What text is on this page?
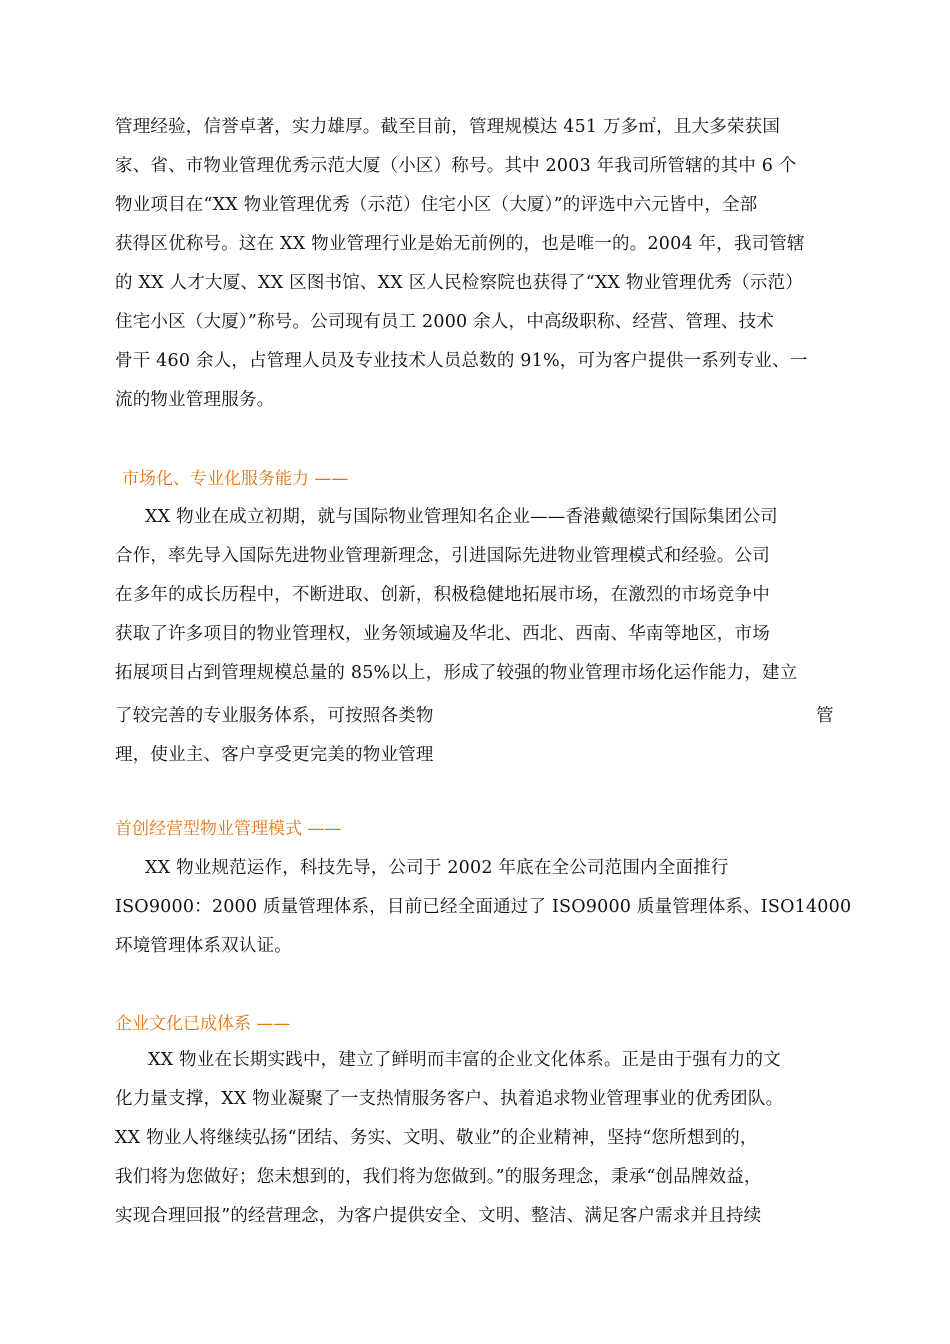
管理经验，信誉卓著，实力雄厚。截至目前，管理规模达 451 万多㎡，且大多荣获国
家、省、市物业管理优秀示范大厦（小区）称号。其中 2003 年我司所管辖的其中 6 个
物业项目在“XX 物业管理优秀（示范）住宅小区（大厦）”的评选中六元皆中，全部
获得区优称号。这在 XX 物业管理行业是始无前例的，也是唯一的。2004 年，我司管辖
的 XX 人才大厦、XX 区图书馆、XX 区人民检察院也获得了“XX 物业管理优秀（示范）
住宅小区（大厦）”称号。公司现有员工 2000 余人，中高级职称、经营、管理、技术
骨干 460 余人，占管理人员及专业技术人员总数的 91%，可为客户提供一系列专业、一
流的物业管理服务。
市场化、专业化服务能力 ——
XX 物业在成立初期，就与国际物业管理知名企业——香港戴德梁行国际集团公司
合作，率先导入国际先进物业管理新理念，引进国际先进物业管理模式和经验。公司
在多年的成长历程中，不断进取、创新，积极稳健地拓展市场，在激烈的市场竞争中
获取了许多项目的物业管理权，业务领域遍及华北、西北、西南、华南等地区，市场
拓展项目占到管理规模总量的 85%以上，形成了较强的物业管理市场化运作能力，建立
了较完善的专业服务体系，可按照各类物	管
理，使业主、客户享受更完美的物业管理
首创经营型物业管理模式 ——
XX 物业规范运作，科技先导，公司于 2002 年底在全公司范围内全面推行
ISO9000：2000 质量管理体系，目前已经全面通过了 ISO9000 质量管理体系、ISO14000
环境管理体系双认证。
企业文化已成体系 ——
XX 物业在长期实践中，建立了鲜明而丰富的企业文化体系。正是由于强有力的文
化力量支撑，XX 物业凝聚了一支热情服务客户、执着追求物业管理事业的优秀团队。
XX 物业人将继续弘扬“团结、务实、文明、敬业”的企业精神，坚持“您所想到的，
我们将为您做好；您未想到的，我们将为您做到。”的服务理念，秉承“创品牌效益，
实现合理回报”的经营理念，为客户提供安全、文明、整洁、满足客户需求并且持续
